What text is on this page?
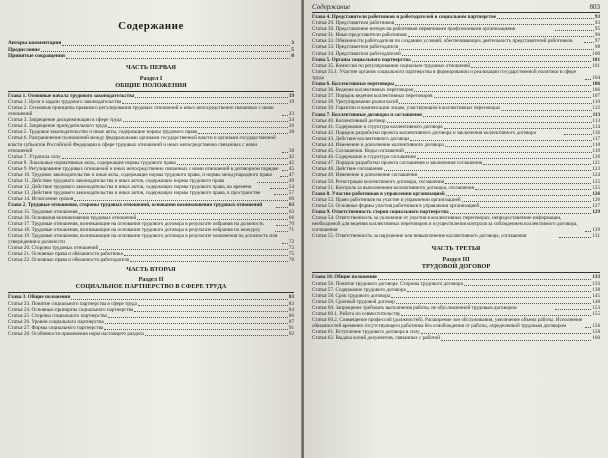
Содержание
Авторы комментария	3
Предисловие	5
Принятые сокращения	8
ЧАСТЬ ПЕРВАЯ
Раздел I
ОБЩИЕ ПОЛОЖЕНИЯ
Глава 1. Основные начала трудового законодательства	19
Статья 1. Цели и задачи трудового законодательства	19
Статья 2. Основные принципы правового регулирования трудовых отношений и иных непосредственно связанных с ними отношений	23
Статья 3. Запрещение дискриминации в сфере труда	24
Статья 4. Запрещение принудительного труда	26
Статья 5. Трудовое законодательство и иные акты, содержащие нормы трудового права	28
Статья 6. Разграничение полномочий между федеральными органами государственной власти и органами государственной власти субъектов Российской Федерации в сфере трудовых отношений и иных непосредственно связанных с ними отношений	38
Статья 7. Утратила силу	42
Статья 8. Локальные нормативные акты, содержащие нормы трудового права	42
Статья 9. Регулирование трудовых отношений и иных непосредственно связанных с ними отношений в договорном порядке	45
Статья 10. Трудовое законодательство и иные акты, содержащие нормы трудового права, и нормы международного права	47
Статья 11. Действие трудового законодательства и иных актов, содержащих нормы трудового права	49
Статья 12. Действие трудового законодательства и иных актов, содержащих нормы трудового права, во времени	54
Статья 13. Действие трудового законодательства и иных актов, содержащих нормы трудового права, в пространстве	57
Статья 14. Исчисление сроков	60
Глава 2. Трудовые отношения, стороны трудовых отношений, основания возникновения трудовых отношений	63
Статья 15. Трудовые отношения	63
Статья 16. Основания возникновения трудовых отношений	66
Статья 17. Трудовые отношения, возникающие на основании трудового договора в результате избрания на должность	70
Статья 18. Трудовые отношения, возникающие на основании трудового договора в результате избрания по конкурсу	71
Статья 19. Трудовые отношения, возникающие на основании трудового договора в результате назначения на должность или утверждения в должности	72
Статья 20. Стороны трудовых отношений	72
Статья 21. Основные права и обязанности работника	75
Статья 22. Основные права и обязанности работодателя	78
ЧАСТЬ ВТОРАЯ
Раздел II
СОЦИАЛЬНОЕ ПАРТНЕРСТВО В СФЕРЕ ТРУДА
Глава 3. Общие положения	83
Статья 23. Понятие социального партнерства в сфере труда	83
Статья 24. Основные принципы социального партнерства	84
Статья 25. Стороны социального партнерства	86
Статья 26. Уровни социального партнерства	87
Статья 27. Формы социального партнерства	91
Статья 28. Особенности применения норм настоящего раздела	92
Содержание	803
Глава 4. Представители работников и работодателей в социальном партнерстве	93
Статья 29. Представители работников	93
Статья 30. Представление интересов работников первичными профсоюзными организациями	95
Статья 31. Иные представители работников	96
Статья 32. Обязанности работодателя по созданию условий, обеспечивающих деятельность представителей работников	97
Статья 33. Представители работодателя	98
Статья 34. Представители работодателей	100
Глава 5. Органы социального партнерства	101
Статья 35. Комиссии по регулированию социально-трудовых отношений	101
Статья 35.1. Участие органов социального партнерства в формировании и реализации государственной политики в сфере труда	104
Глава 6. Коллективные переговоры	106
Статья 36. Ведение коллективных переговоров	106
Статья 37. Порядок ведения коллективных переговоров	107
Статья 38. Урегулирование разногласий	110
Статья 39. Гарантии и компенсации лицам, участвующим в коллективных переговорах	112
Глава 7. Коллективные договоры и соглашения	113
Статья 40. Коллективный договор	113
Статья 41. Содержание и структура коллективного договора	114
Статья 42. Порядок разработки проекта коллективного договора и заключения коллективного договора	116
Статья 43. Действие коллективного договора	117
Статья 44. Изменение и дополнение коллективного договора	118
Статья 45. Соглашения. Виды соглашений	119
Статья 46. Содержание и структура соглашения	120
Статья 47. Порядок разработки проекта соглашения и заключения соглашения	121
Статья 48. Действие соглашения	123
Статья 49. Изменение и дополнение соглашения	124
Статья 50. Регистрация коллективного договора, соглашения	125
Статья 51. Контроль за выполнением коллективного договора, соглашения	125
Глава 8. Участие работников в управлении организацией	126
Статья 52. Право работников на участие в управлении организацией	126
Статья 53. Основные формы участия работников в управлении организацией	127
Глава 9. Ответственность сторон социального партнерства	129
Статья 54. Ответственность за уклонение от участия в коллективных переговорах, непредоставление информации, необходимой для ведения коллективных переговоров и осуществления контроля за соблюдением коллективного договора, соглашения	129
Статья 55. Ответственность за нарушение или невыполнение коллективного договора, соглашения	131
ЧАСТЬ ТРЕТЬЯ
Раздел III
ТРУДОВОЙ ДОГОВОР
Глава 10. Общие положения	133
Статья 56. Понятие трудового договора. Стороны трудового договора	133
Статья 57. Содержание трудового договора	138
Статья 58. Срок трудового договора	145
Статья 59. Срочный трудовой договор	148
Статья 60. Запрещение требовать выполнения работы, не обусловленной трудовым договором	153
Статья 60.1. Работа по совместительству	155
Статья 60.2. Совмещение профессий (должностей). Расширение зон обслуживания, увеличение объема работы. Исполнение обязанностей временно отсутствующего работника без освобождения от работы, определенной трудовым договором	156
Статья 61. Вступление трудового договора в силу	158
Статья 62. Выдача копий документов, связанных с работой	160
